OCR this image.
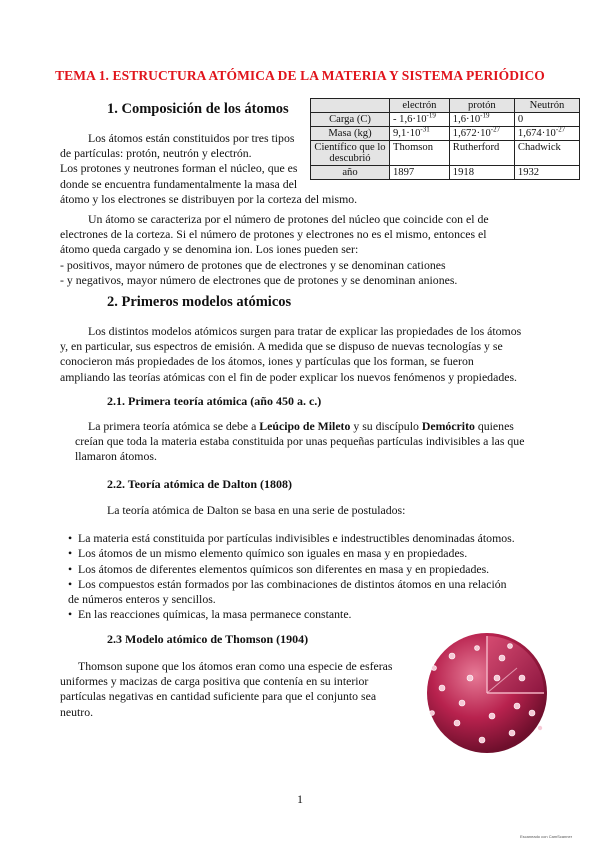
TEMA 1. ESTRUCTURA ATÓMICA DE LA MATERIA Y SISTEMA PERIÓDICO
1. Composición de los átomos
Los átomos están constituidos por tres tipos
de partículas: protón, neutrón y electrón.
Los protones y neutrones forman el núcleo, que es
donde se encuentra fundamentalmente la masa del
átomo y los electrones se distribuyen por la corteza del mismo.
	electrón	protón	Neutrón
Carga (C)	- $1,6\cdot 10^{-19}$	$1,6\cdot 10^{-19}$	0
Masa (kg)	$9,1\cdot 10^{-31}$	$1,672\cdot 10^{-27}$	$1,674\cdot 10^{-27}$
Científico que lo descubrió	Thomson	Rutherford	Chadwick
año	1897	1918	1932
Un átomo se caracteriza por el número de protones del núcleo que coincide con el de
electrones de la corteza. Si el número de protones y electrones no es el mismo, entonces el
átomo queda cargado y se denomina ion. Los iones pueden ser:
- positivos, mayor número de protones que de electrones y se denominan cationes
- y negativos, mayor número de electrones que de protones y se denominan aniones.
2. Primeros modelos atómicos
Los distintos modelos atómicos surgen para tratar de explicar las propiedades de los átomos
y, en particular, sus espectros de emisión. A medida que se dispuso de nuevas tecnologías y se
conocieron más propiedades de los átomos, iones y partículas que los forman, se fueron
ampliando las teorías atómicas con el fin de poder explicar los nuevos fenómenos y propiedades.
2.1. Primera teoría atómica (año 450 a. c.)
La primera teoría atómica se debe a Leúcipo de Mileto y su discípulo Demócrito quienes
creían que toda la materia estaba constituida por unas pequeñas partículas indivisibles a las que
llamaron átomos.
2.2. Teoría atómica de Dalton (1808)
La teoría atómica de Dalton se basa en una serie de postulados:
• La materia está constituida por partículas indivisibles e indestructibles denominadas átomos.
• Los átomos de un mismo elemento químico son iguales en masa y en propiedades.
• Los átomos de diferentes elementos químicos son diferentes en masa y en propiedades.
• Los compuestos están formados por las combinaciones de distintos átomos en una relación
de números enteros y sencillos.
• En las reacciones químicas, la masa permanece constante.
2.3 Modelo atómico de Thomson (1904)
Thomson supone que los átomos eran como una especie de esferas
uniformes y macizas de carga positiva que contenía en su interior
partículas negativas en cantidad suficiente para que el conjunto sea
neutro.
1
Escaneado con CamScanner
